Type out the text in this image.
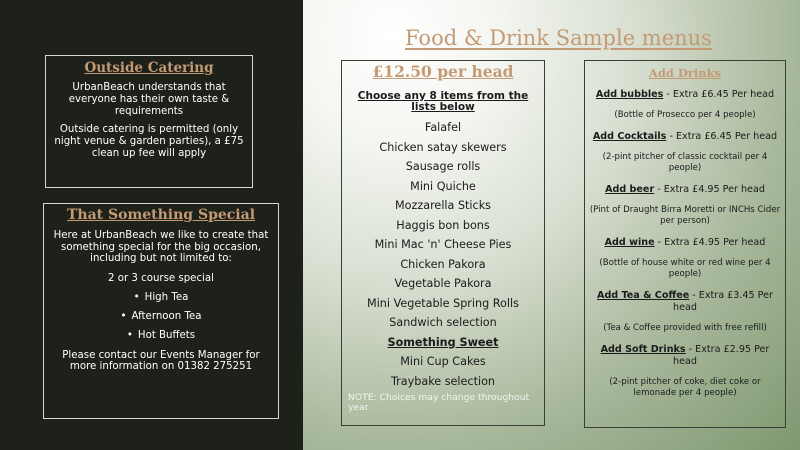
Food & Drink Sample menus
Outside Catering

UrbanBeach understands that everyone has their own taste & requirements

Outside catering is permitted (only night venue & garden parties), a £75 clean up fee will apply

That Something Special

Here at UrbanBeach we like to create that something special for the big occasion, including but not limited to:

2 or 3 course special
• High Tea
• Afternoon Tea
• Hot Buffets

Please contact our Events Manager for more information on 01382 275251

£12.50 per head
Choose any 8 items from the lists below
Falafel
Chicken satay skewers
Sausage rolls
Mini Quiche
Mozzarella Sticks
Haggis bon bons
Mini Mac 'n' Cheese Pies
Chicken Pakora
Vegetable Pakora
Mini Vegetable Spring Rolls
Sandwich selection
Something Sweet
Mini Cup Cakes
Traybake selection
NOTE: Choices may change throughout year
Add Drinks
Add bubbles - Extra £6.45 Per head
(Bottle of Prosecco per 4 people)
Add Cocktails - Extra £6.45 Per head
(2-pint pitcher of classic cocktail per 4 people)
Add beer - Extra £4.95 Per head
(Pint of Draught Birra Moretti or INCHs Cider per person)
Add wine - Extra £4.95 Per head
(Bottle of house white or red wine per 4 people)
Add Tea & Coffee - Extra £3.45 Per head
(Tea & Coffee provided with free refill)
Add Soft Drinks - Extra £2.95 Per head
(2-pint pitcher of coke, diet coke or lemonade per 4 people)
